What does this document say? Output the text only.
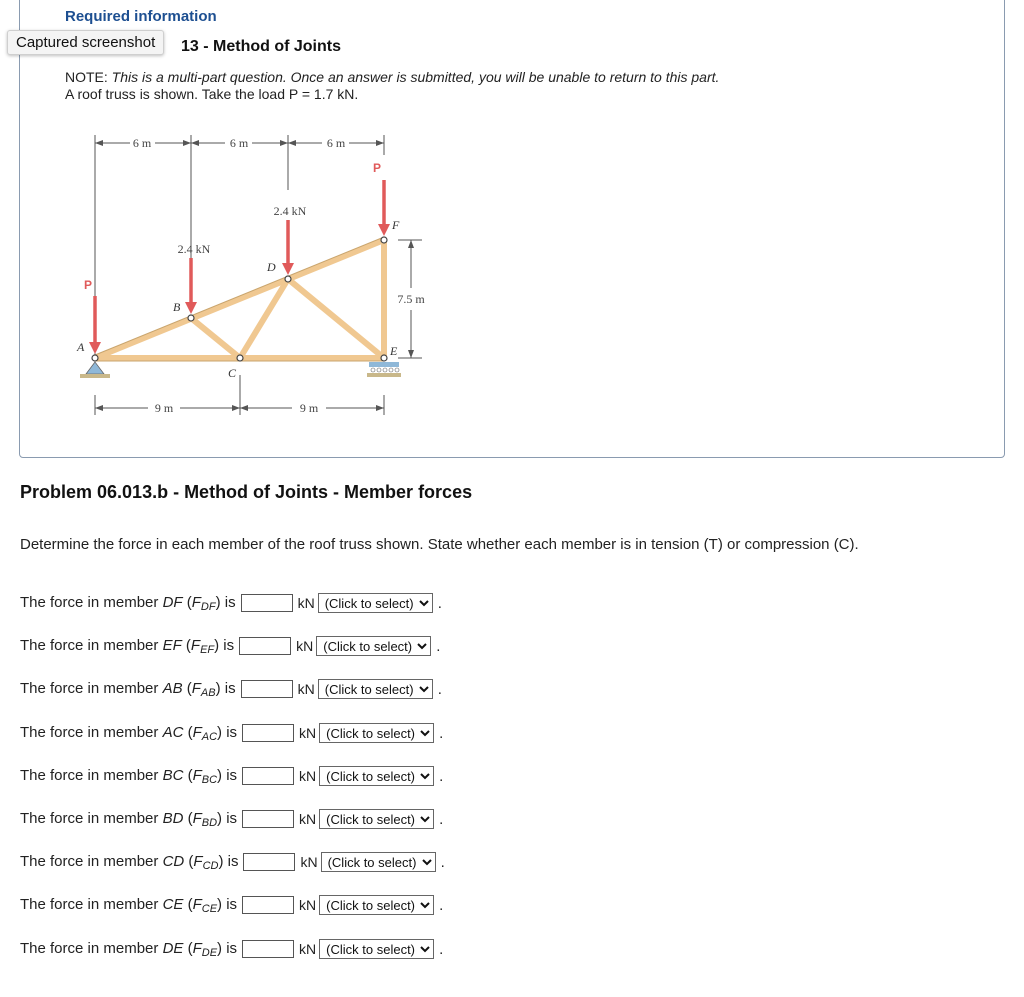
Required information
Captured screenshot	13 - Method of Joints
NOTE: This is a multi-part question. Once an answer is submitted, you will be unable to return to this part.
A roof truss is shown. Take the load P = 1.7 kN.
6 m	6 m	6 m
9 m	9 m
7.5 m
2.4 kN
2.4 kN
P
P
A
B
C
D
E
F
Problem 06.013.b - Method of Joints - Member forces
Determine the force in each member of the roof truss shown. State whether each member is in tension (T) or compression (C).
The force in member DF $(F_{DF})$ is	kN
(Click to select)	.
The force in member EF $(F_{EF})$ is	kN
(Click to select)	.
The force in member AB $(F_{AB})$ is	kN
(Click to select)	.
The force in member AC $(F_{AC})$ is	kN
(Click to select)	.
The force in member BC $(F_{BC})$ is	kN
(Click to select)	.
The force in member BD $(F_{BD})$ is	kN
(Click to select)	.
The force in member CD $(F_{CD})$ is	kN
(Click to select)	.
The force in member CE $(F_{CE})$ is	kN
(Click to select)	.
The force in member DE $(F_{DE})$ is	kN
(Click to select)	.
